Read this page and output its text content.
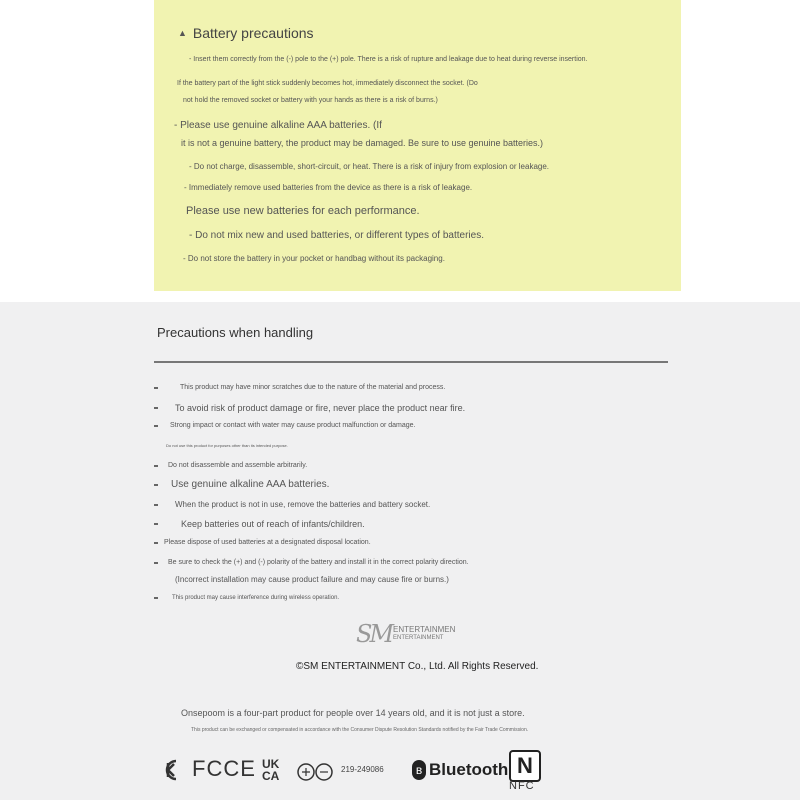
▲ Battery precautions
- Insert them correctly from the (-) pole to the (+) pole. There is a risk of rupture and leakage due to heat during reverse insertion.
If the battery part of the light stick suddenly becomes hot, immediately disconnect the socket. (Do
not hold the removed socket or battery with your hands as there is a risk of burns.)
- Please use genuine alkaline AAA batteries. (If
it is not a genuine battery, the product may be damaged. Be sure to use genuine batteries.)
- Do not charge, disassemble, short-circuit, or heat. There is a risk of injury from explosion or leakage.
- Immediately remove used batteries from the device as there is a risk of leakage.
Please use new batteries for each performance.
- Do not mix new and used batteries, or different types of batteries.
- Do not store the battery in your pocket or handbag without its packaging.
Precautions when handling
This product may have minor scratches due to the nature of the material and process.
To avoid risk of product damage or fire, never place the product near fire.
Strong impact or contact with water may cause product malfunction or damage.
Do not use this product for purposes other than its intended purpose.
Do not disassemble and assemble arbitrarily.
Use genuine alkaline AAA batteries.
When the product is not in use, remove the batteries and battery socket.
Keep batteries out of reach of infants/children.
Please dispose of used batteries at a designated disposal location.
Be sure to check the (+) and (-) polarity of the battery and install it in the correct polarity direction.
(Incorrect installation may cause product failure and may cause fire or burns.)
This product may cause interference during wireless operation.
SM ENTERTAINMEN
ENTERTAINMENT
©SM ENTERTAINMENT Co., Ltd. All Rights Reserved.
Onsepoom is a four-part product for people over 14 years old, and it is not just a store.
This product can be exchanged or compensated in accordance with the Consumer Dispute Resolution Standards notified by the Fair Trade Commission.
FCCE UK
CA	219-249086	ʙ Bluetooth N
NFC
